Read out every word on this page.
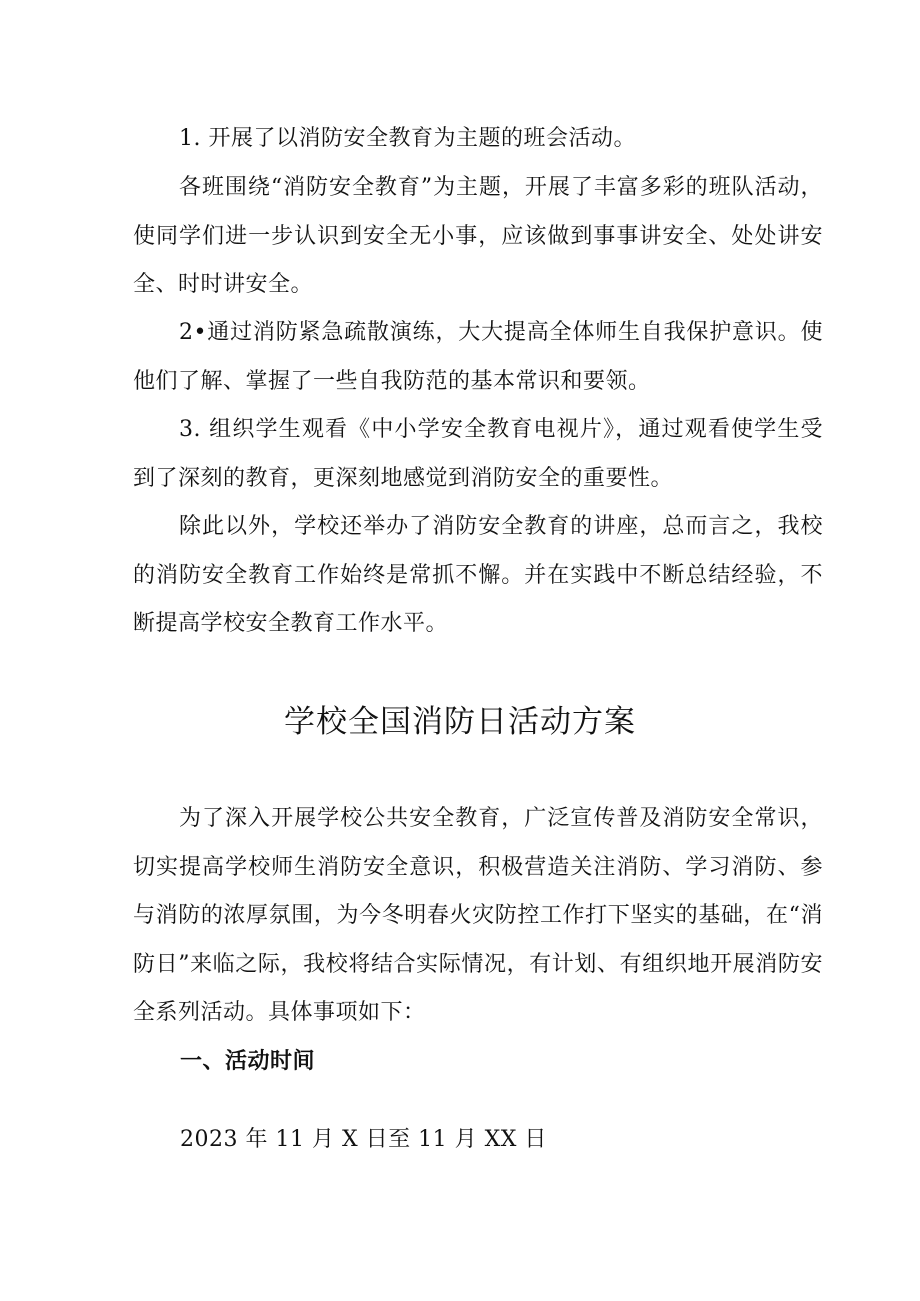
1. 开展了以消防安全教育为主题的班会活动。

各班围绕“消防安全教育”为主题，开展了丰富多彩的班队活动，使同学们进一步认识到安全无小事，应该做到事事讲安全、处处讲安全、时时讲安全。

2•通过消防紧急疏散演练，大大提高全体师生自我保护意识。使他们了解、掌握了一些自我防范的基本常识和要领。

3. 组织学生观看《中小学安全教育电视片》，通过观看使学生受到了深刻的教育，更深刻地感觉到消防安全的重要性。

除此以外，学校还举办了消防安全教育的讲座，总而言之，我校的消防安全教育工作始终是常抓不懈。并在实践中不断总结经验，不断提高学校安全教育工作水平。

学校全国消防日活动方案

为了深入开展学校公共安全教育，广泛宣传普及消防安全常识，切实提高学校师生消防安全意识，积极营造关注消防、学习消防、参与消防的浓厚氛围，为今冬明春火灾防控工作打下坚实的基础，在“消防日”来临之际，我校将结合实际情况，有计划、有组织地开展消防安全系列活动。具体事项如下：

一、活动时间

2023 年 11 月 X 日至 11 月 XX 日
